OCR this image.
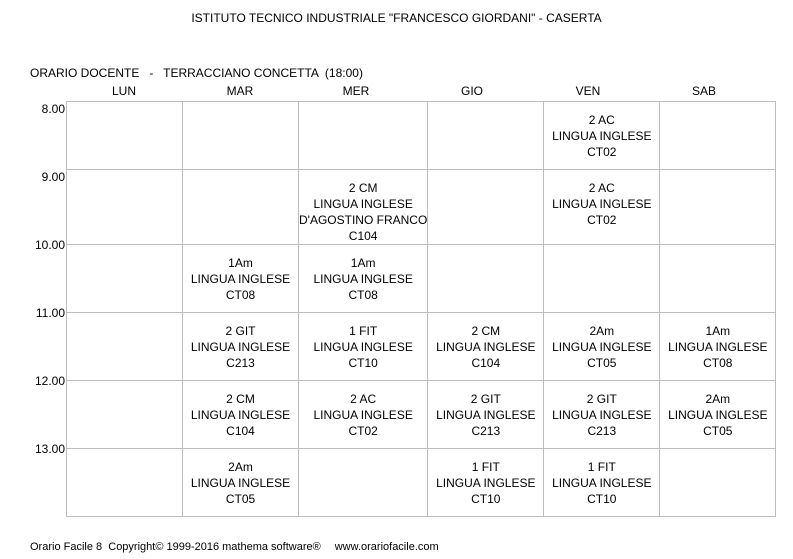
ISTITUTO TECNICO INDUSTRIALE "FRANCESCO GIORDANI" - CASERTA
ORARIO DOCENTE   -   TERRACCIANO CONCETTA  (18:00)
LUN	MAR	MER	GIO	VEN	SAB
8.00
9.00
10.00
11.00
12.00
13.00

				2 AC
LINGUA INGLESE
CT02	

		2 CM
LINGUA INGLESE
D'AGOSTINO FRANCO
C104		2 AC
LINGUA INGLESE
CT02	

	1Am
LINGUA INGLESE
CT08	1Am
LINGUA INGLESE
CT08			

	2 GIT
LINGUA INGLESE
C213	1 FIT
LINGUA INGLESE
CT10	2 CM
LINGUA INGLESE
C104	2Am
LINGUA INGLESE
CT05	1Am
LINGUA INGLESE
CT08

	2 CM
LINGUA INGLESE
C104	2 AC
LINGUA INGLESE
CT02	2 GIT
LINGUA INGLESE
C213	2 GIT
LINGUA INGLESE
C213	2Am
LINGUA INGLESE
CT05

	2Am
LINGUA INGLESE
CT05		1 FIT
LINGUA INGLESE
CT10	1 FIT
LINGUA INGLESE
CT10	

Orario Facile 8  Copyright© 1999-2016 mathema software® www.orariofacile.com
